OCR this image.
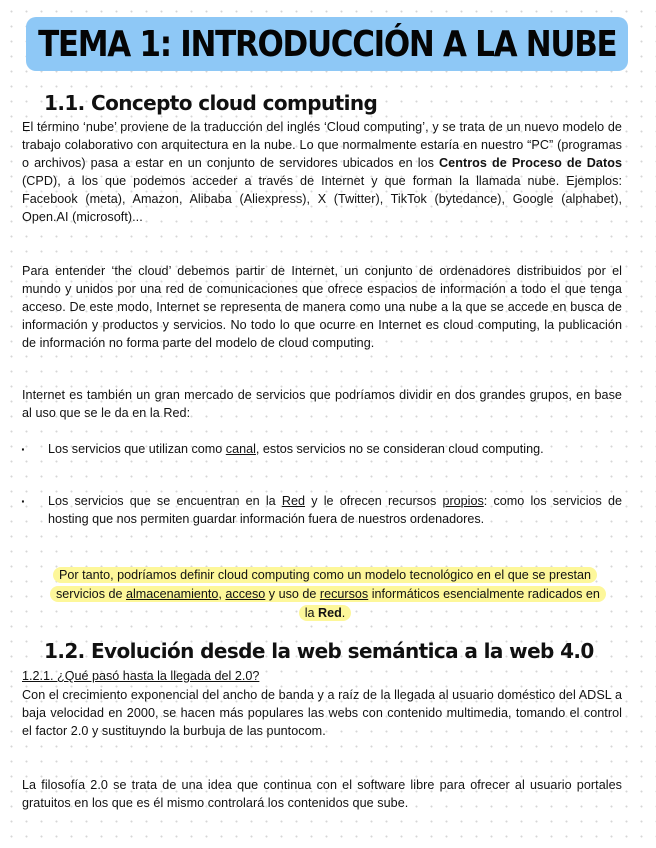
TEMA 1: INTRODUCCIÓN A LA NUBE
1.1. Concepto cloud computing

El término ‘nube’ proviene de la traducción del inglés ‘Cloud computing’, y se trata de un nuevo modelo de trabajo colaborativo con arquitectura en la nube. Lo que normalmente estaría en nuestro “PC” (programas o archivos) pasa a estar en un conjunto de servidores ubicados en los Centros de Proceso de Datos (CPD), a los que podemos acceder a través de Internet y que forman la llamada nube. Ejemplos: Facebook (meta), Amazon, Alibaba (Aliexpress), X (Twitter), TikTok (bytedance), Google (alphabet), Open.AI (microsoft)...

Para entender ‘the cloud’ debemos partir de Internet, un conjunto de ordenadores distribuidos por el mundo y unidos por una red de comunicaciones que ofrece espacios de información a todo el que tenga acceso. De este modo, Internet se representa de manera como una nube a la que se accede en busca de información y productos y servicios. No todo lo que ocurre en Internet es cloud computing, la publicación de información no forma parte del modelo de cloud computing.

Internet es también un gran mercado de servicios que podríamos dividir en dos grandes grupos, en base al uso que se le da en la Red:

· Los servicios que utilizan como canal, estos servicios no se consideran cloud computing.

· Los servicios que se encuentran en la Red y le ofrecen recursos propios: como los servicios de hosting que nos permiten guardar información fuera de nuestros ordenadores.

Por tanto, podríamos definir cloud computing como un modelo tecnológico en el que se prestan servicios de almacenamiento, acceso y uso de recursos informáticos esencialmente radicados en la Red.

1.2. Evolución desde la web semántica a la web 4.0

1.2.1. ¿Qué pasó hasta la llegada del 2.0?

Con el crecimiento exponencial del ancho de banda y a raíz de la llegada al usuario doméstico del ADSL a baja velocidad en 2000, se hacen más populares las webs con contenido multimedia, tomando el control el factor 2.0 y sustituyndo la burbuja de las puntocom.

La filosofía 2.0 se trata de una idea que continua con el software libre para ofrecer al usuario portales gratuitos en los que es él mismo controlará los contenidos que sube.
